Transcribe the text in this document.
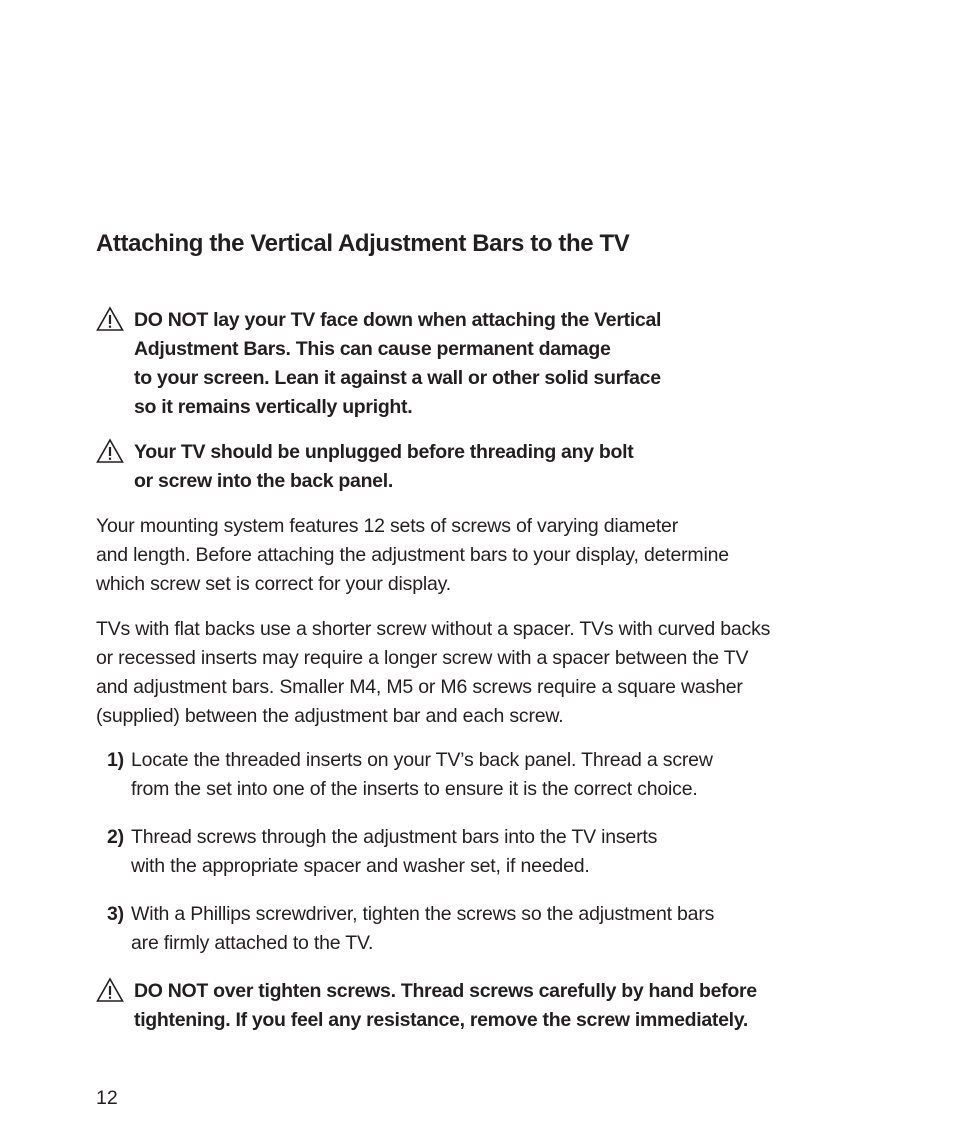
Attaching the Vertical Adjustment Bars to the TV
DO NOT lay your TV face down when attaching the Vertical
Adjustment Bars. This can cause permanent damage
to your screen. Lean it against a wall or other solid surface
so it remains vertically upright.
Your TV should be unplugged before threading any bolt
or screw into the back panel.
Your mounting system features 12 sets of screws of varying diameter
and length. Before attaching the adjustment bars to your display, determine
which screw set is correct for your display.
TVs with flat backs use a shorter screw without a spacer. TVs with curved backs
or recessed inserts may require a longer screw with a spacer between the TV
and adjustment bars. Smaller M4, M5 or M6 screws require a square washer
(supplied) between the adjustment bar and each screw.
1) Locate the threaded inserts on your TV’s back panel. Thread a screw
from the set into one of the inserts to ensure it is the correct choice.
2) Thread screws through the adjustment bars into the TV inserts
with the appropriate spacer and washer set, if needed.
3) With a Phillips screwdriver, tighten the screws so the adjustment bars
are firmly attached to the TV.
DO NOT over tighten screws. Thread screws carefully by hand before
tightening. If you feel any resistance, remove the screw immediately.
12
